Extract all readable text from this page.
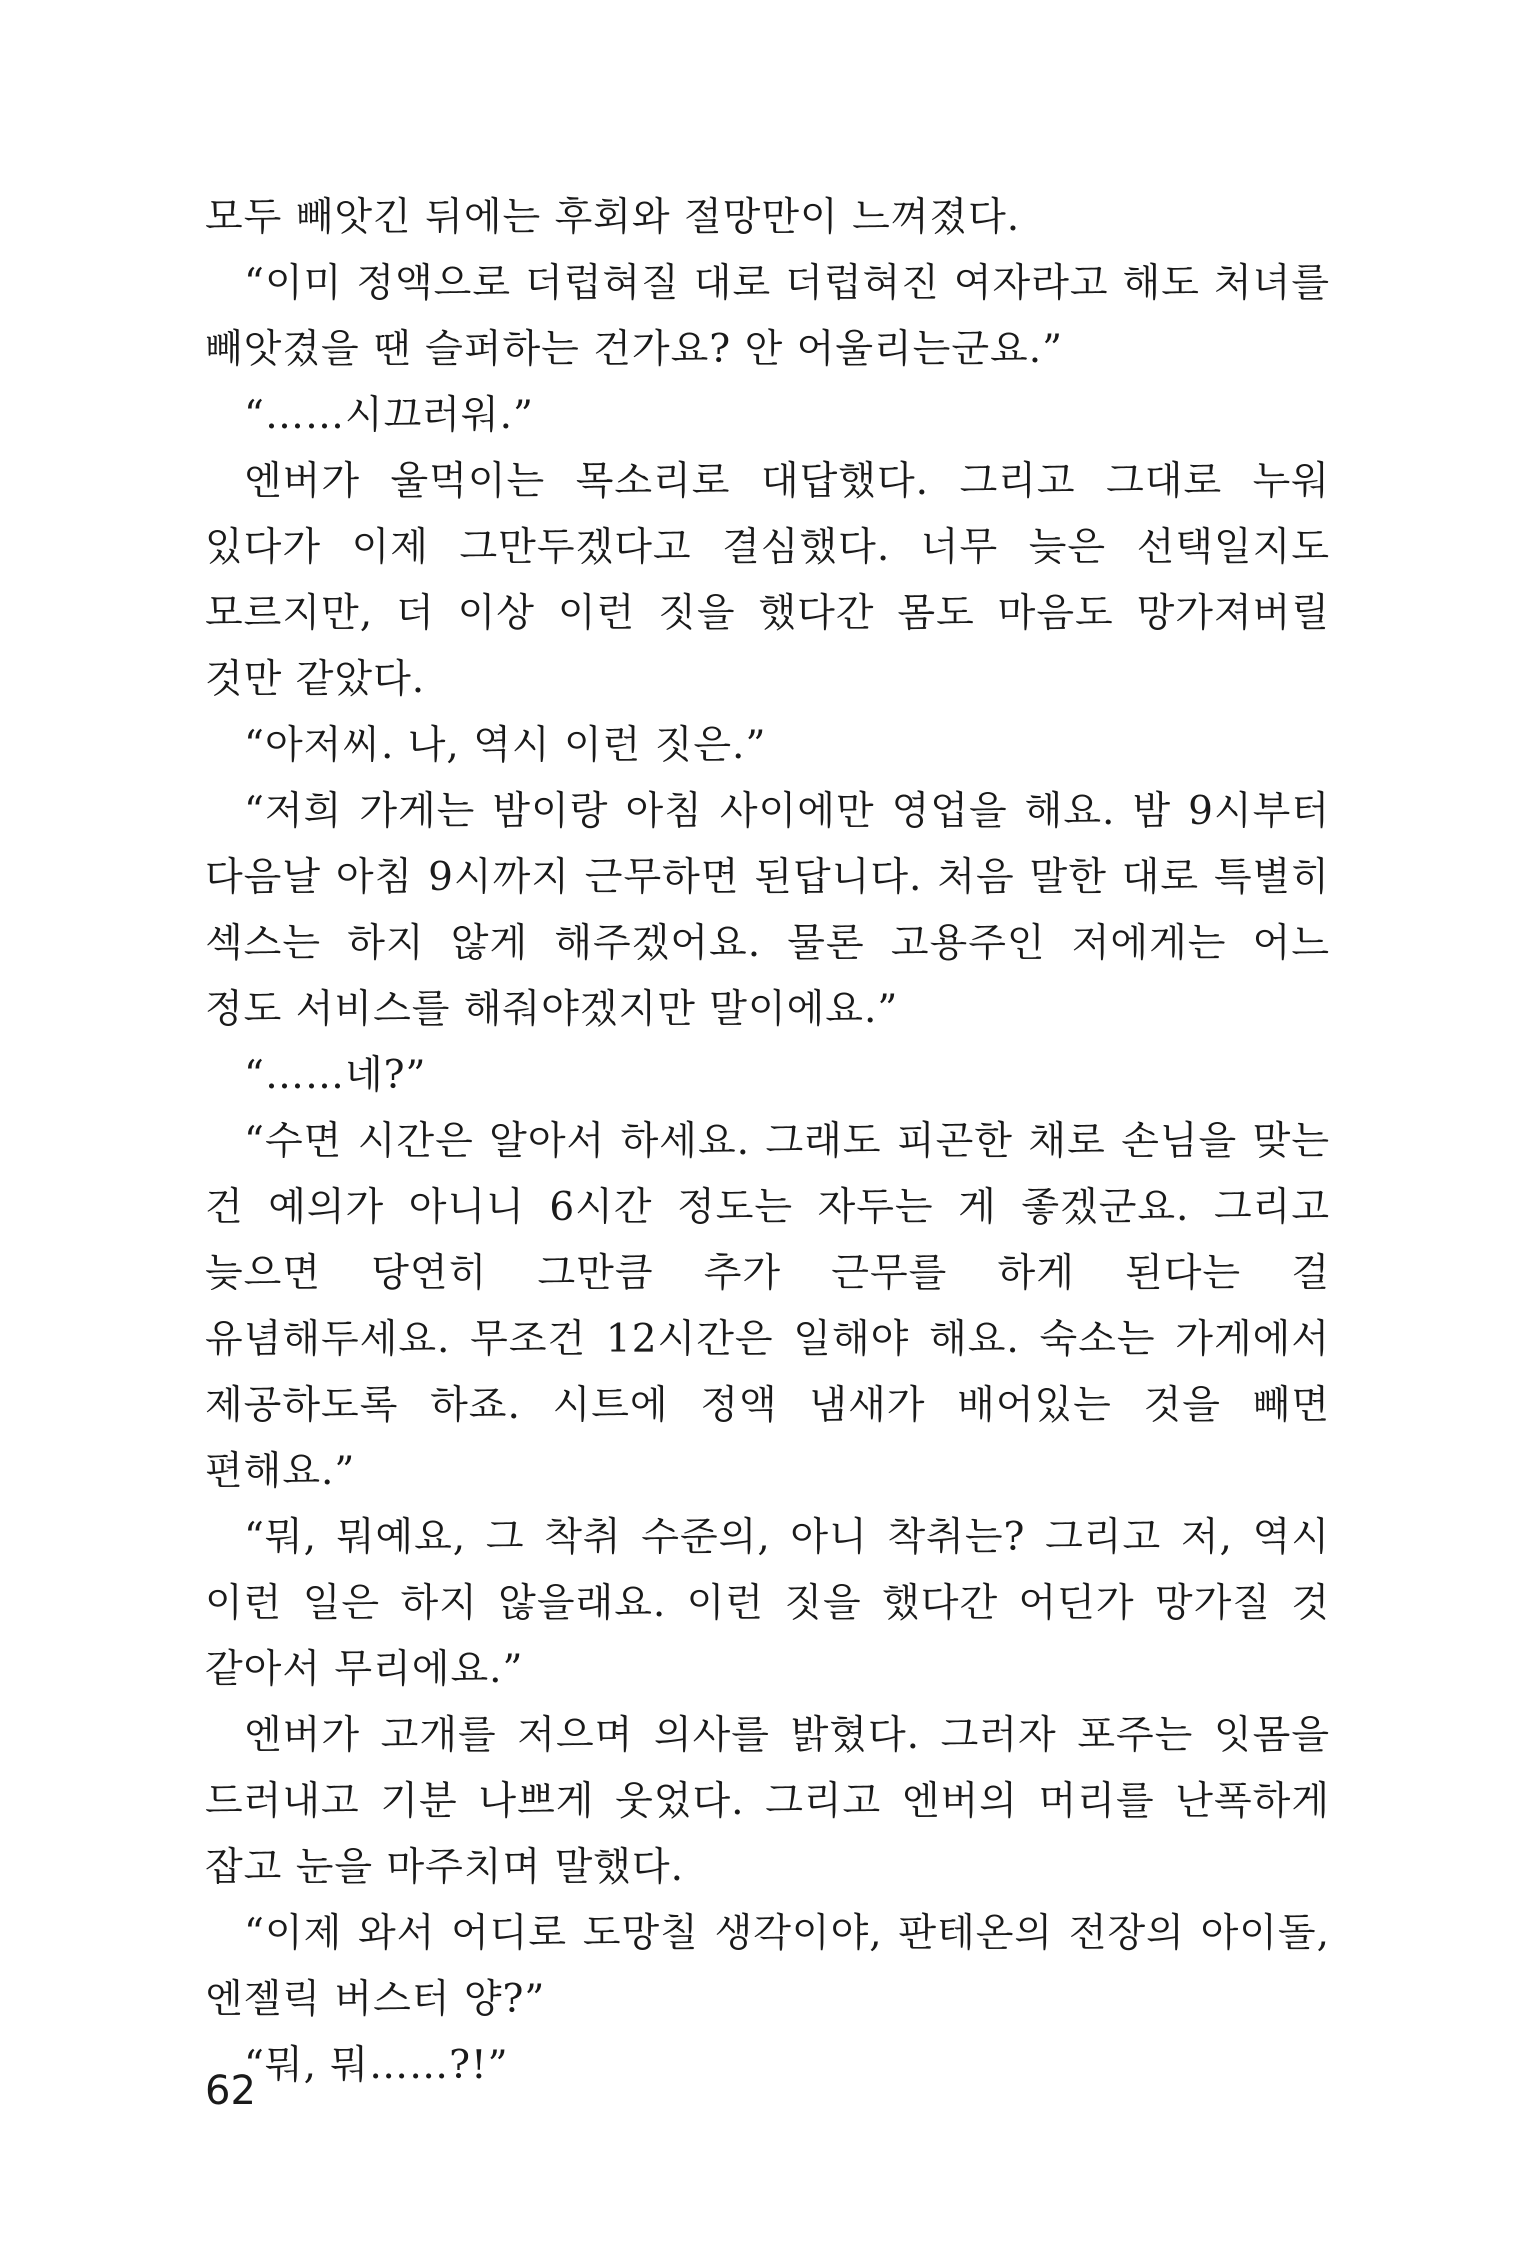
모두 빼앗긴 뒤에는 후회와 절망만이 느껴졌다.

“이미 정액으로 더럽혀질 대로 더럽혀진 여자라고 해도 처녀를 빼앗겼을 땐 슬퍼하는 건가요? 안 어울리는군요.”

“……시끄러워.”

엔버가 울먹이는 목소리로 대답했다. 그리고 그대로 누워 있다가 이제 그만두겠다고 결심했다. 너무 늦은 선택일지도 모르지만, 더 이상 이런 짓을 했다간 몸도 마음도 망가져버릴 것만 같았다.

“아저씨. 나, 역시 이런 짓은.”

“저희 가게는 밤이랑 아침 사이에만 영업을 해요. 밤 9시부터 다음날 아침 9시까지 근무하면 된답니다. 처음 말한 대로 특별히 섹스는 하지 않게 해주겠어요. 물론 고용주인 저에게는 어느 정도 서비스를 해줘야겠지만 말이에요.”

“……네?”

“수면 시간은 알아서 하세요. 그래도 피곤한 채로 손님을 맞는 건 예의가 아니니 6시간 정도는 자두는 게 좋겠군요. 그리고 늦으면 당연히 그만큼 추가 근무를 하게 된다는 걸 유념해두세요. 무조건 12시간은 일해야 해요. 숙소는 가게에서 제공하도록 하죠. 시트에 정액 냄새가 배어있는 것을 빼면 편해요.”

“뭐, 뭐예요, 그 착취 수준의, 아니 착취는? 그리고 저, 역시 이런 일은 하지 않을래요. 이런 짓을 했다간 어딘가 망가질 것 같아서 무리에요.”

엔버가 고개를 저으며 의사를 밝혔다. 그러자 포주는 잇몸을 드러내고 기분 나쁘게 웃었다. 그리고 엔버의 머리를 난폭하게 잡고 눈을 마주치며 말했다.

“이제 와서 어디로 도망칠 생각이야, 판테온의 전장의 아이돌, 엔젤릭 버스터 양?”

“뭐, 뭐……?!”

62
